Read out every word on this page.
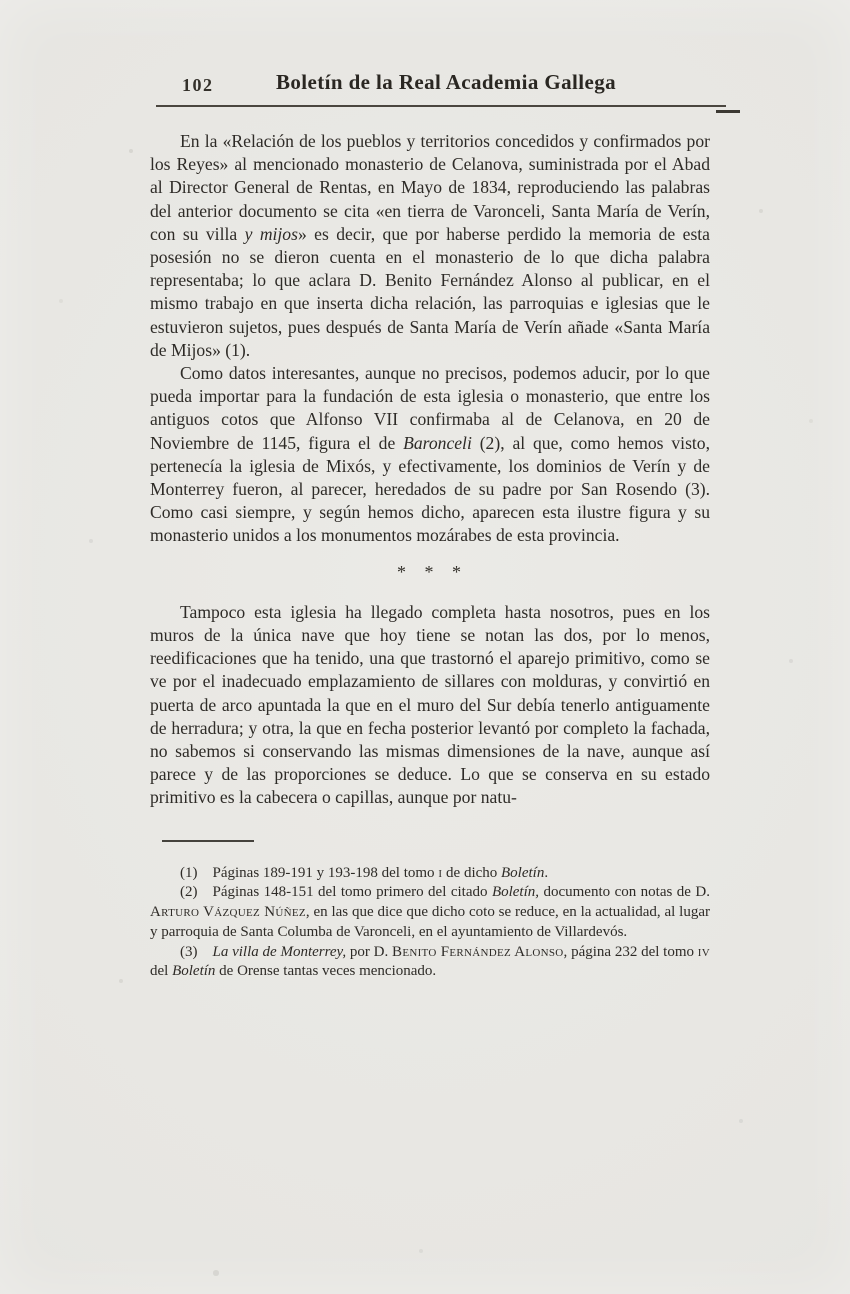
102	Boletín de la Real Academia Gallega

En la «Relación de los pueblos y territorios concedidos y confirmados por los Reyes» al mencionado monasterio de Celanova, suministrada por el Abad al Director General de Rentas, en Mayo de 1834, reproduciendo las palabras del anterior documento se cita «en tierra de Varonceli, Santa María de Verín, con su villa y mijos» es decir, que por haberse perdido la memoria de esta posesión no se dieron cuenta en el monasterio de lo que dicha palabra representaba; lo que aclara D. Benito Fernández Alonso al publicar, en el mismo trabajo en que inserta dicha relación, las parroquias e iglesias que le estuvieron sujetos, pues después de Santa María de Verín añade «Santa María de Mijos» (1).

Como datos interesantes, aunque no precisos, podemos aducir, por lo que pueda importar para la fundación de esta iglesia o monasterio, que entre los antiguos cotos que Alfonso VII confirmaba al de Celanova, en 20 de Noviembre de 1145, figura el de Baronceli (2), al que, como hemos visto, pertenecía la iglesia de Mixós, y efectivamente, los dominios de Verín y de Monterrey fueron, al parecer, heredados de su padre por San Rosendo (3). Como casi siempre, y según hemos dicho, aparecen esta ilustre figura y su monasterio unidos a los monumentos mozárabes de esta provincia.

* * *

Tampoco esta iglesia ha llegado completa hasta nosotros, pues en los muros de la única nave que hoy tiene se notan las dos, por lo menos, reedificaciones que ha tenido, una que trastornó el aparejo primitivo, como se ve por el inadecuado emplazamiento de sillares con molduras, y convirtió en puerta de arco apuntada la que en el muro del Sur debía tenerlo antiguamente de herradura; y otra, la que en fecha posterior levantó por completo la fachada, no sabemos si conservando las mismas dimensiones de la nave, aunque así parece y de las proporciones se deduce. Lo que se conserva en su estado primitivo es la cabecera o capillas, aunque por natu-

(1) Páginas 189-191 y 193-198 del tomo i de dicho Boletín.

(2) Páginas 148-151 del tomo primero del citado Boletín, documento con notas de D. Arturo Vázquez Núñez, en las que dice que dicho coto se reduce, en la actualidad, al lugar y parroquia de Santa Columba de Varonceli, en el ayuntamiento de Villardevós.

(3) La villa de Monterrey, por D. Benito Fernández Alonso, página 232 del tomo iv del Boletín de Orense tantas veces mencionado.
